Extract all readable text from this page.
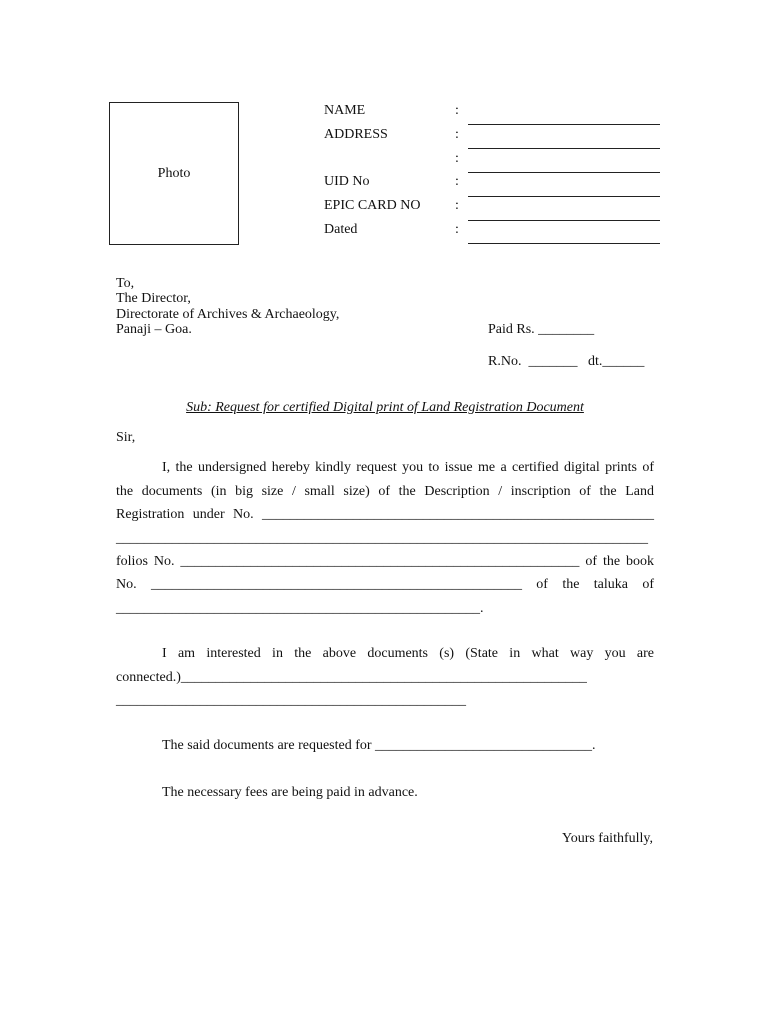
Photo
NAME	:
ADDRESS	:
:
UID No	:
EPIC CARD NO :
Dated	:
To,
The Director,
Directorate of Archives & Archaeology,
Panaji – Goa.	Paid Rs. ________
R.No.  _______   dt.______
Sub: Request for certified Digital print of Land Registration Document
Sir,
I, the undersigned hereby kindly request you to issue me a certified digital prints of
the documents (in big size / small size) of the Description / inscription of the Land
Registration under No. ________________________________________________________
____________________________________________________________________________
folios No. _________________________________________________________ of the book
No. _____________________________________________________ of the taluka of
____________________________________________________.
I am interested in the above documents (s) (State in what way you are
connected.)__________________________________________________________
__________________________________________________
The said documents are requested for _______________________________.
The necessary fees are being paid in advance.
Yours faithfully,
